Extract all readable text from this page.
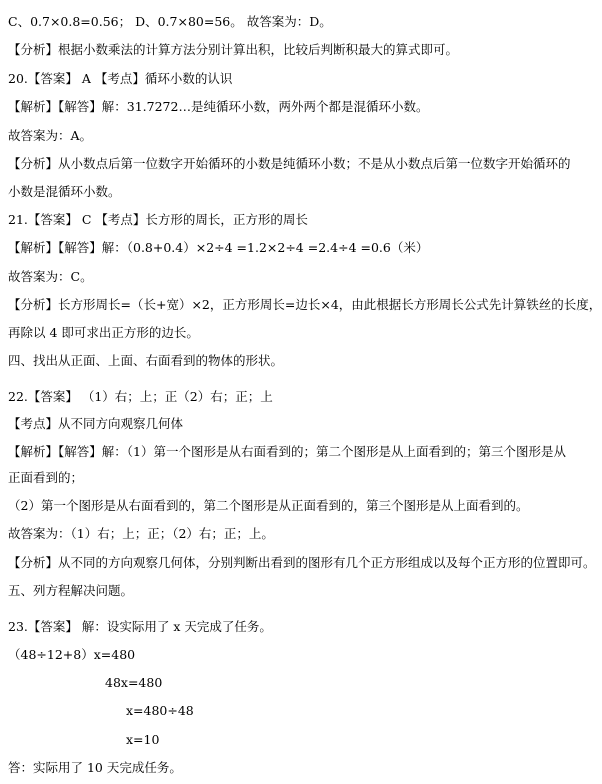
C、0.7×0.8=0.56； D、0.7×80=56。 故答案为：D。
【分析】根据小数乘法的计算方法分别计算出积，比较后判断积最大的算式即可。
20.【答案】 A 【考点】循环小数的认识
【解析】【解答】解：31.7272…是纯循环小数，两外两个都是混循环小数。
故答案为：A。
【分析】从小数点后第一位数字开始循环的小数是纯循环小数；不是从小数点后第一位数字开始循环的
小数是混循环小数。
21.【答案】 C 【考点】长方形的周长，正方形的周长
【解析】【解答】解：（0.8+0.4）×2÷4 =1.2×2÷4 =2.4÷4 =0.6（米）
故答案为：C。
【分析】长方形周长=（长+宽）×2，正方形周长=边长×4，由此根据长方形周长公式先计算铁丝的长度，
再除以 4 即可求出正方形的边长。
四、找出从正面、上面、右面看到的物体的形状。
22.【答案】 （1）右；上；正（2）右；正；上
【考点】从不同方向观察几何体
【解析】【解答】解：（1）第一个图形是从右面看到的；第二个图形是从上面看到的；第三个图形是从
正面看到的；
（2）第一个图形是从右面看到的，第二个图形是从正面看到的，第三个图形是从上面看到的。
故答案为：（1）右；上；正；（2）右；正；上。
【分析】从不同的方向观察几何体，分别判断出看到的图形有几个正方形组成以及每个正方形的位置即可。
五、列方程解决问题。
23.【答案】 解：设实际用了 x 天完成了任务。
（48÷12+8）x=480
48x=480
x=480÷48
x=10
答：实际用了 10 天完成任务。
